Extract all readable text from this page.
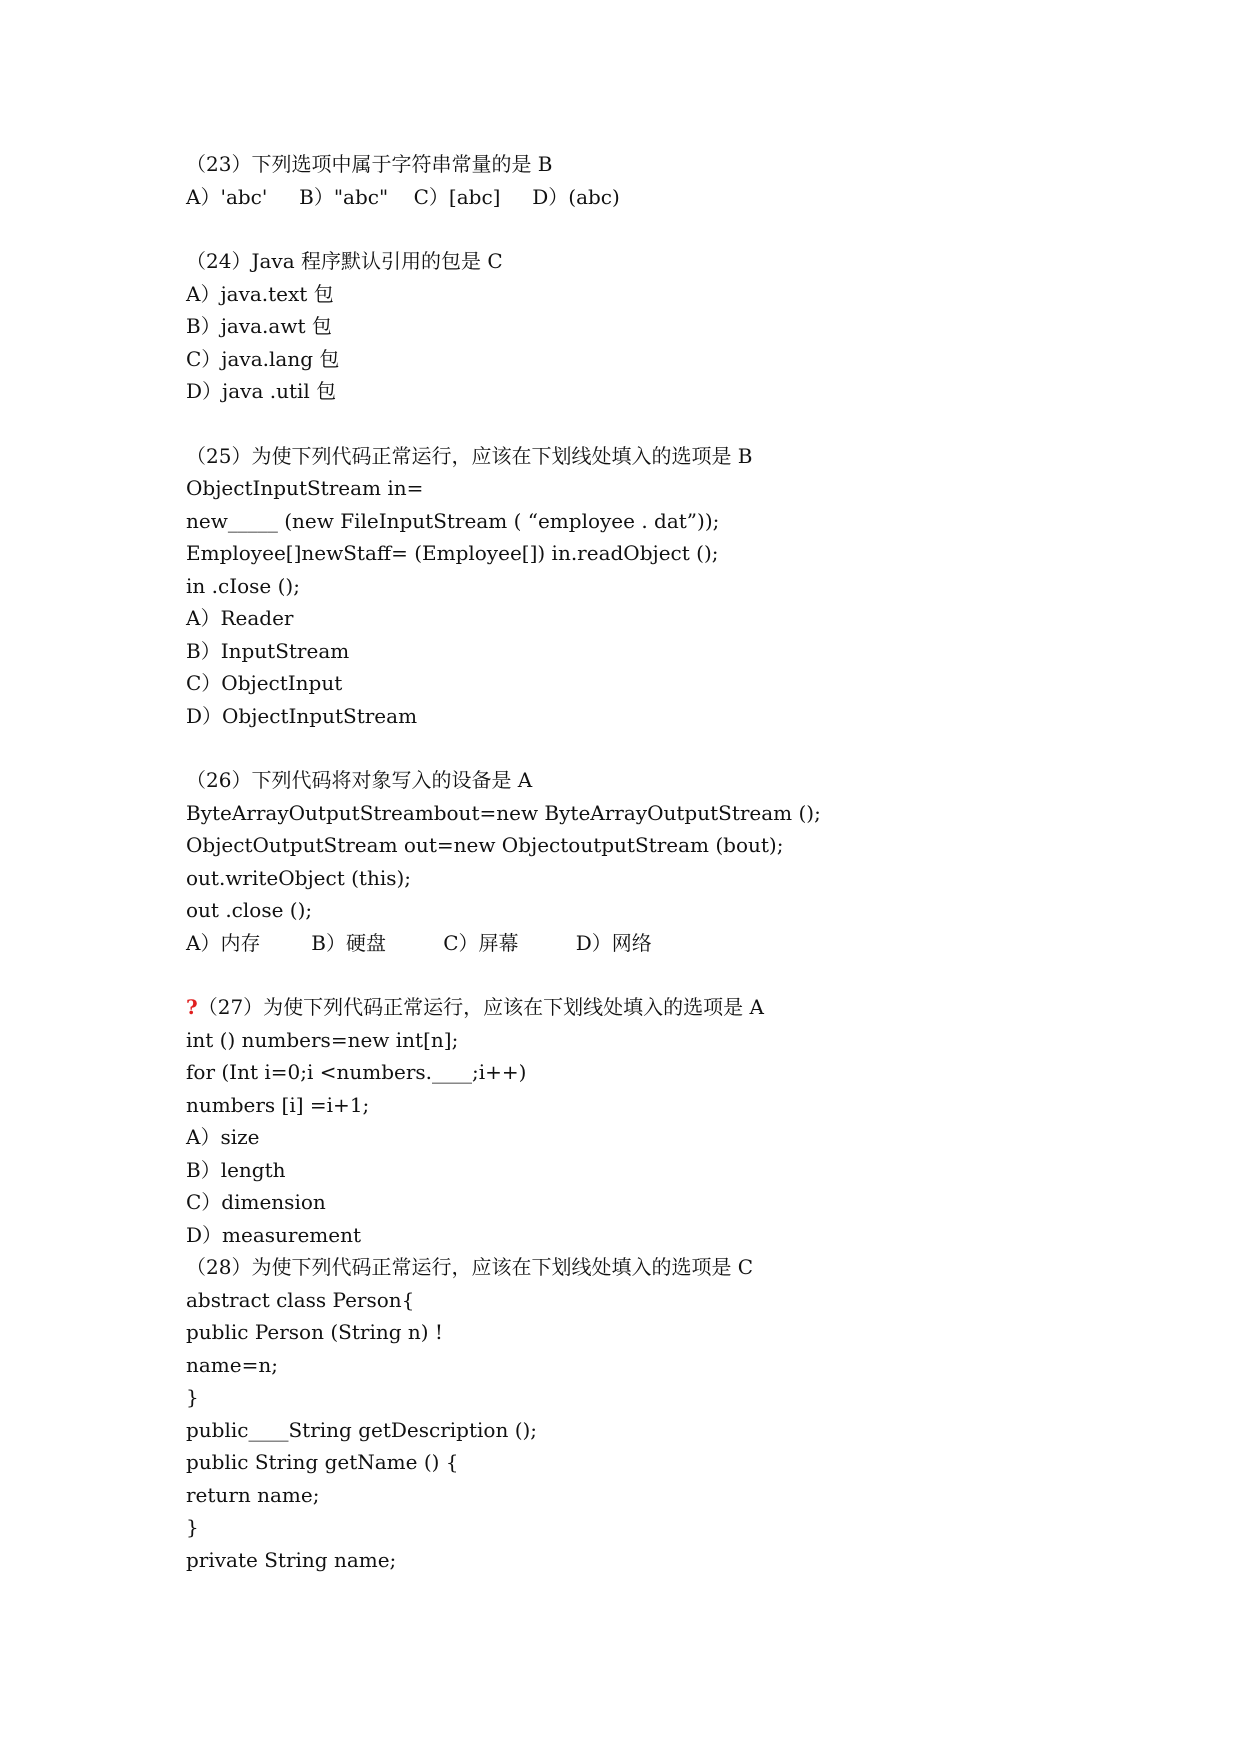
（23）下列选项中属于字符串常量的是 B
A）'abc'     B）"abc"    C）[abc]     D）(abc)
（24）Java 程序默认引用的包是 C
A）java.text 包
B）java.awt 包
C）java.lang 包
D）java .util 包
（25）为使下列代码正常运行，应该在下划线处填入的选项是 B
ObjectInputStream in=
new_____ (new FileInputStream ( “employee . dat”));
Employee[]newStaff= (Employee[]) in.readObject ();
in .cIose ();
A）Reader
B）InputStream
C）ObjectInput
D）ObjectInputStream
（26）下列代码将对象写入的设备是 A
ByteArrayOutputStreambout=new ByteArrayOutputStream ();
ObjectOutputStream out=new ObjectoutputStream (bout);
out.writeObject (this);
out .close ();
A）内存        B）硬盘         C）屏幕         D）网络
?（27）为使下列代码正常运行，应该在下划线处填入的选项是 A
int () numbers=new int[n];
for (Int i=0;i <numbers.____;i++)
numbers [i] =i+1;
A）size
B）length
C）dimension
D）measurement
（28）为使下列代码正常运行，应该在下划线处填入的选项是 C
abstract class Person{
public Person (String n) !
name=n;
}
public____String getDescription ();
public String getName () {
return name;
}
private String name;
